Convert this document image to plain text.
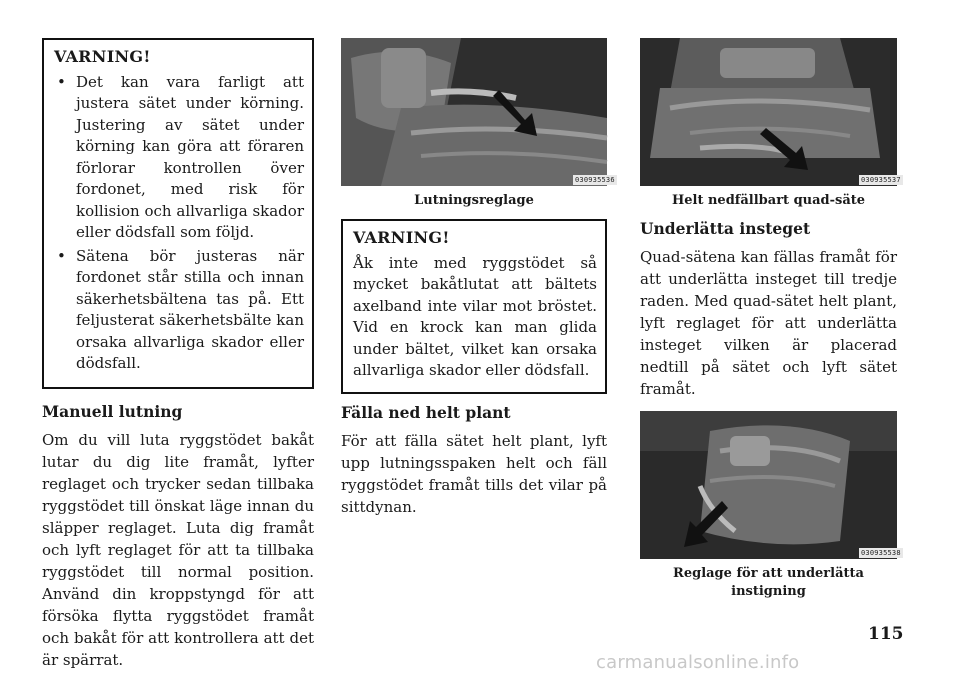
VARNING!
• Det kan vara farligt att justera sätet under körning. Justering av sätet under körning kan göra att föraren förlorar kontrollen över fordonet, med risk för kollision och allvarliga skador eller dödsfall som följd.
• Sätena bör justeras när fordonet står stilla och innan säkerhetsbältena tas på. Ett feljusterat säkerhetsbälte kan orsaka allvarliga skador eller dödsfall.
Manuell lutning

Om du vill luta ryggstödet bakåt lutar du dig lite framåt, lyfter reglaget och trycker sedan tillbaka ryggstödet till önskat läge innan du släpper reglaget. Luta dig framåt och lyft reglaget för att ta tillbaka ryggstödet till normal position. Använd din kroppstyngd för att försöka flytta ryggstödet framåt och bakåt för att kontrollera att det är spärrat.

030935536
Lutningsreglage
VARNING!

Åk inte med ryggstödet så mycket bakåtlutat att bältets axelband inte vilar mot bröstet. Vid en krock kan man glida under bältet, vilket kan orsaka allvarliga skador eller dödsfall.

Fälla ned helt plant

För att fälla sätet helt plant, lyft upp lutningsspaken helt och fäll ryggstödet framåt tills det vilar på sittdynan.

030935537
Helt nedfällbart quad-säte
Underlätta insteget

Quad-sätena kan fällas framåt för att underlätta insteget till tredje raden. Med quad-sätet helt plant, lyft reglaget för att underlätta insteget vilken är placerad nedtill på sätet och lyft sätet framåt.

030935538
Reglage för att underlätta instigning
115
carmanualsonline.info
